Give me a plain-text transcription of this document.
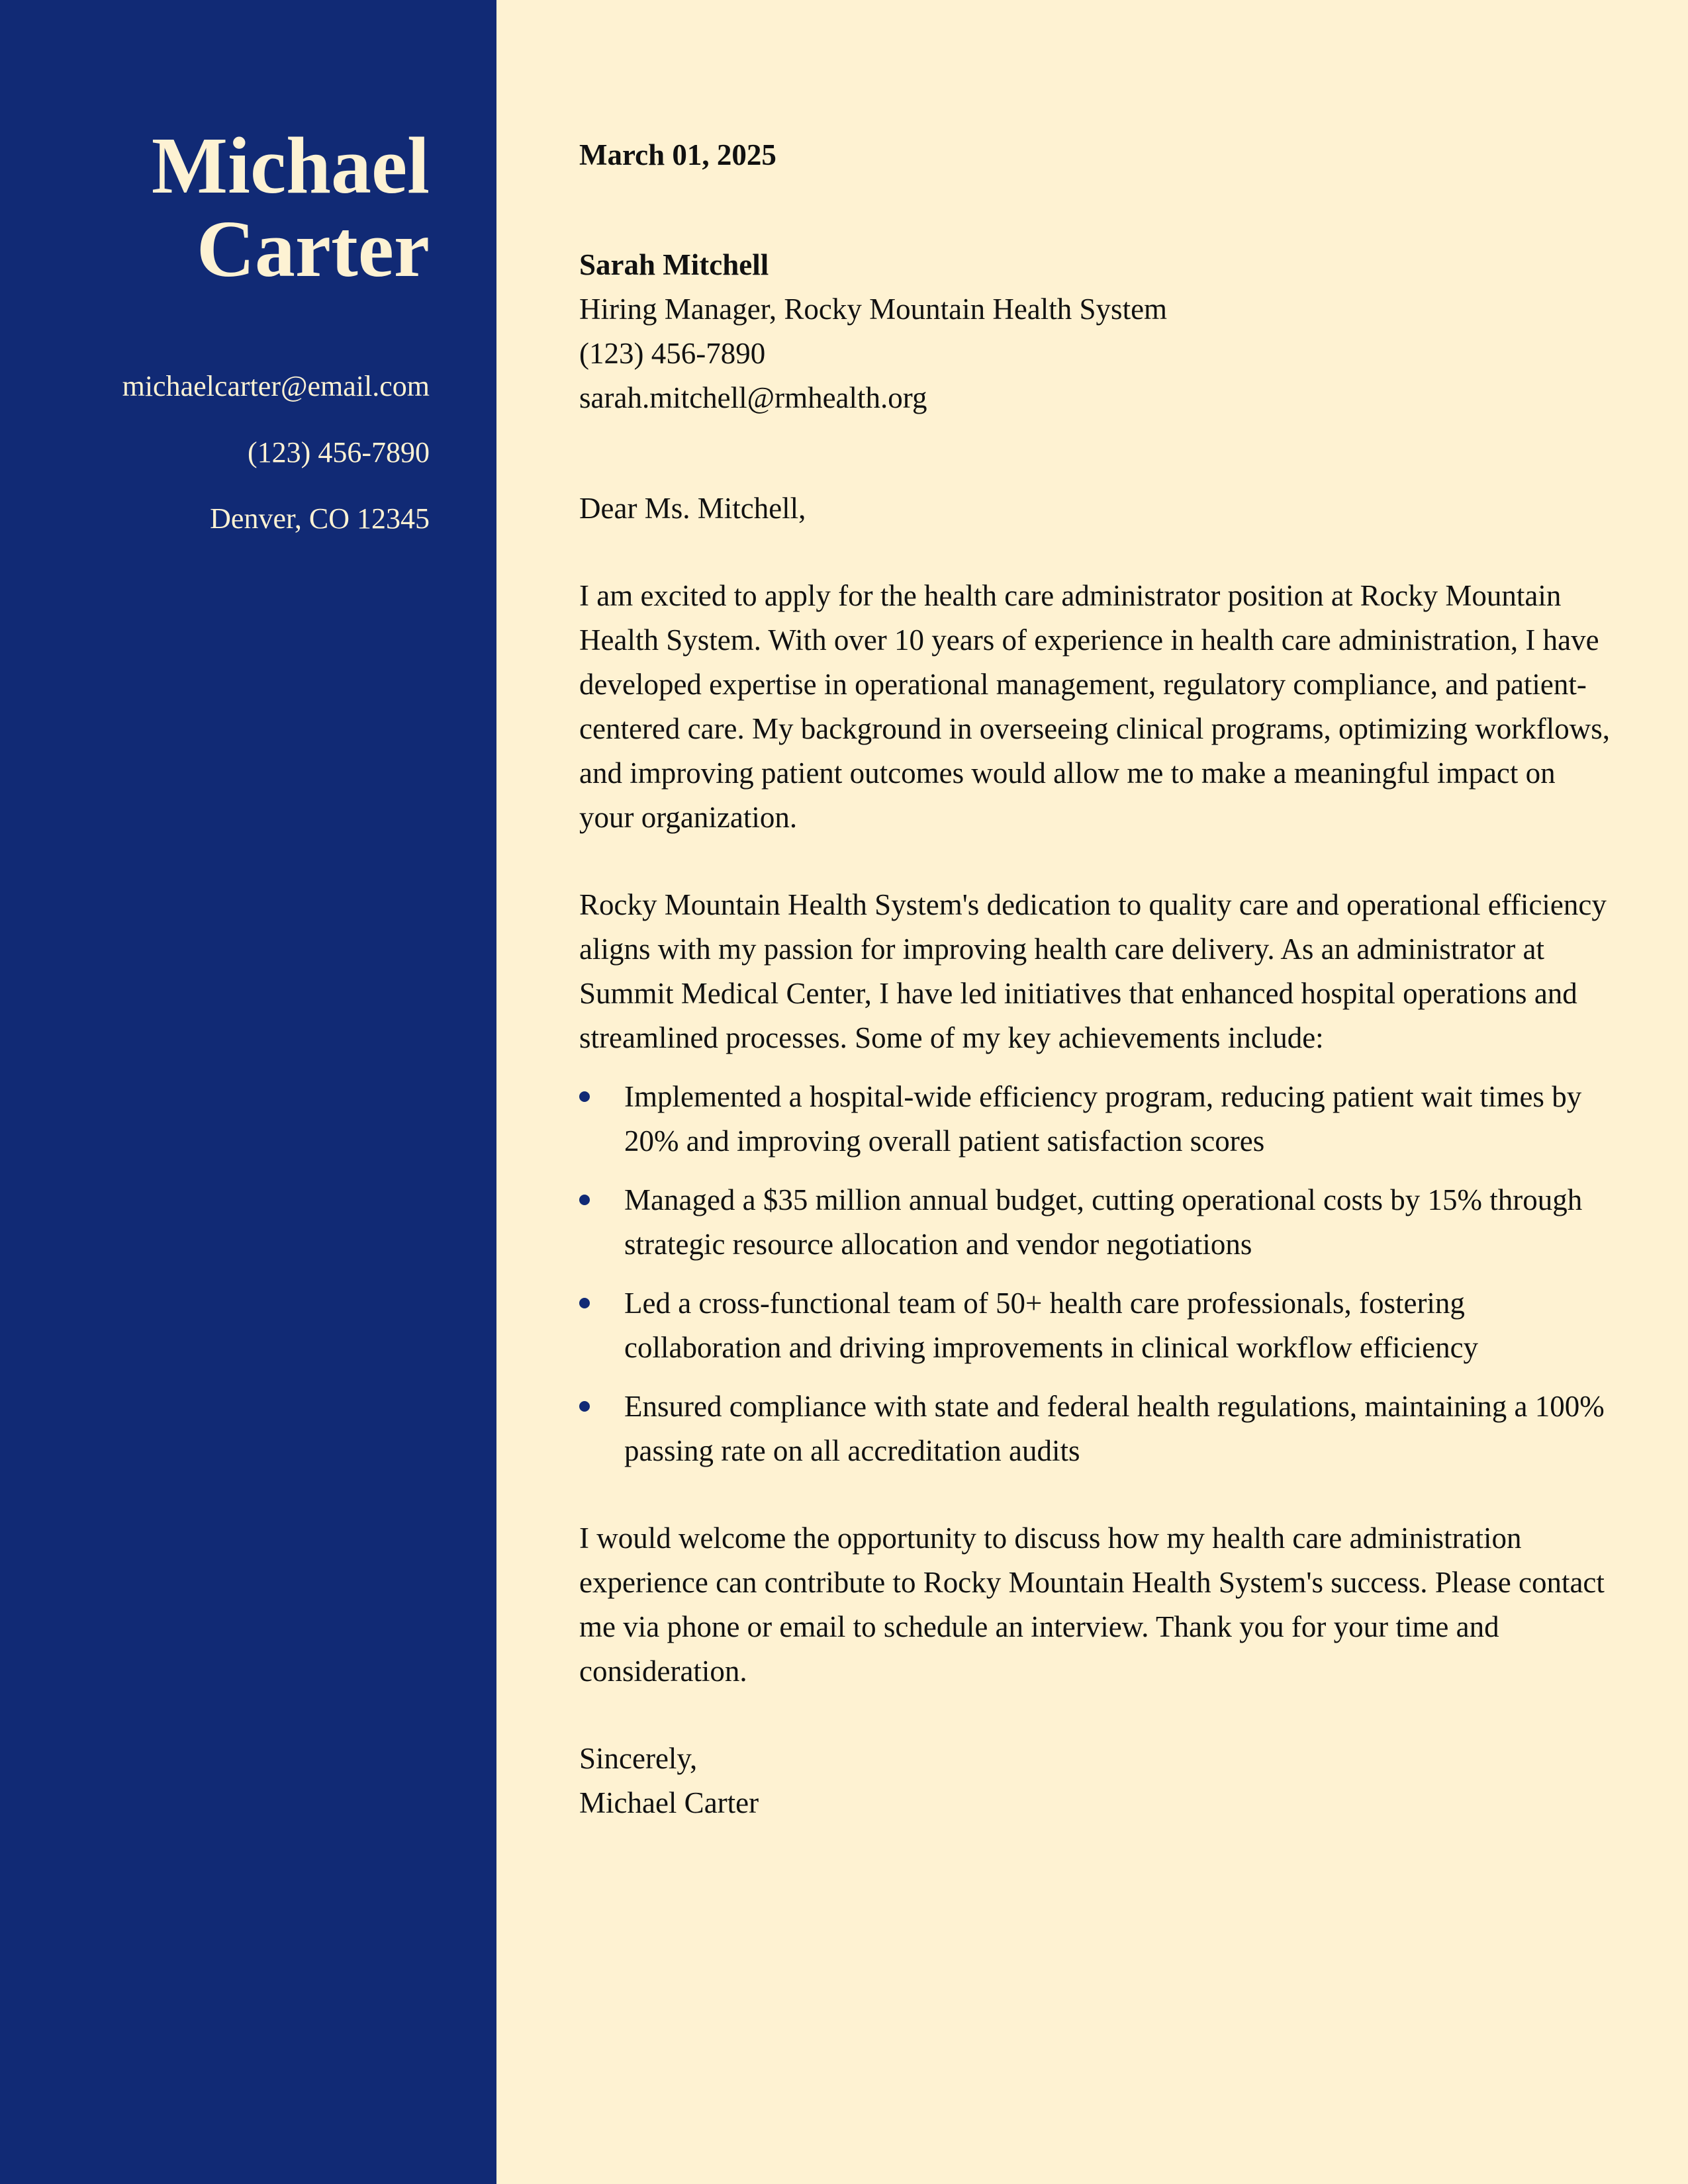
Michael
Carter
michaelcarter@email.com
(123) 456-7890
Denver, CO 12345
March 01, 2025
Sarah Mitchell
Hiring Manager, Rocky Mountain Health System
(123) 456-7890
sarah.mitchell@rmhealth.org
Dear Ms. Mitchell,

I am excited to apply for the health care administrator position at Rocky Mountain Health System. With over 10 years of experience in health care administration, I have developed expertise in operational management, regulatory compliance, and patient-centered care. My background in overseeing clinical programs, optimizing workflows, and improving patient outcomes would allow me to make a meaningful impact on your organization.

Rocky Mountain Health System's dedication to quality care and operational efficiency aligns with my passion for improving health care delivery. As an administrator at Summit Medical Center, I have led initiatives that enhanced hospital operations and streamlined processes. Some of my key achievements include:

Implemented a hospital-wide efficiency program, reducing patient wait times by 20% and improving overall patient satisfaction scores
Managed a $35 million annual budget, cutting operational costs by 15% through strategic resource allocation and vendor negotiations
Led a cross-functional team of 50+ health care professionals, fostering collaboration and driving improvements in clinical workflow efficiency
Ensured compliance with state and federal health regulations, maintaining a 100% passing rate on all accreditation audits

I would welcome the opportunity to discuss how my health care administration experience can contribute to Rocky Mountain Health System's success. Please contact me via phone or email to schedule an interview. Thank you for your time and consideration.

Sincerely,
Michael Carter
